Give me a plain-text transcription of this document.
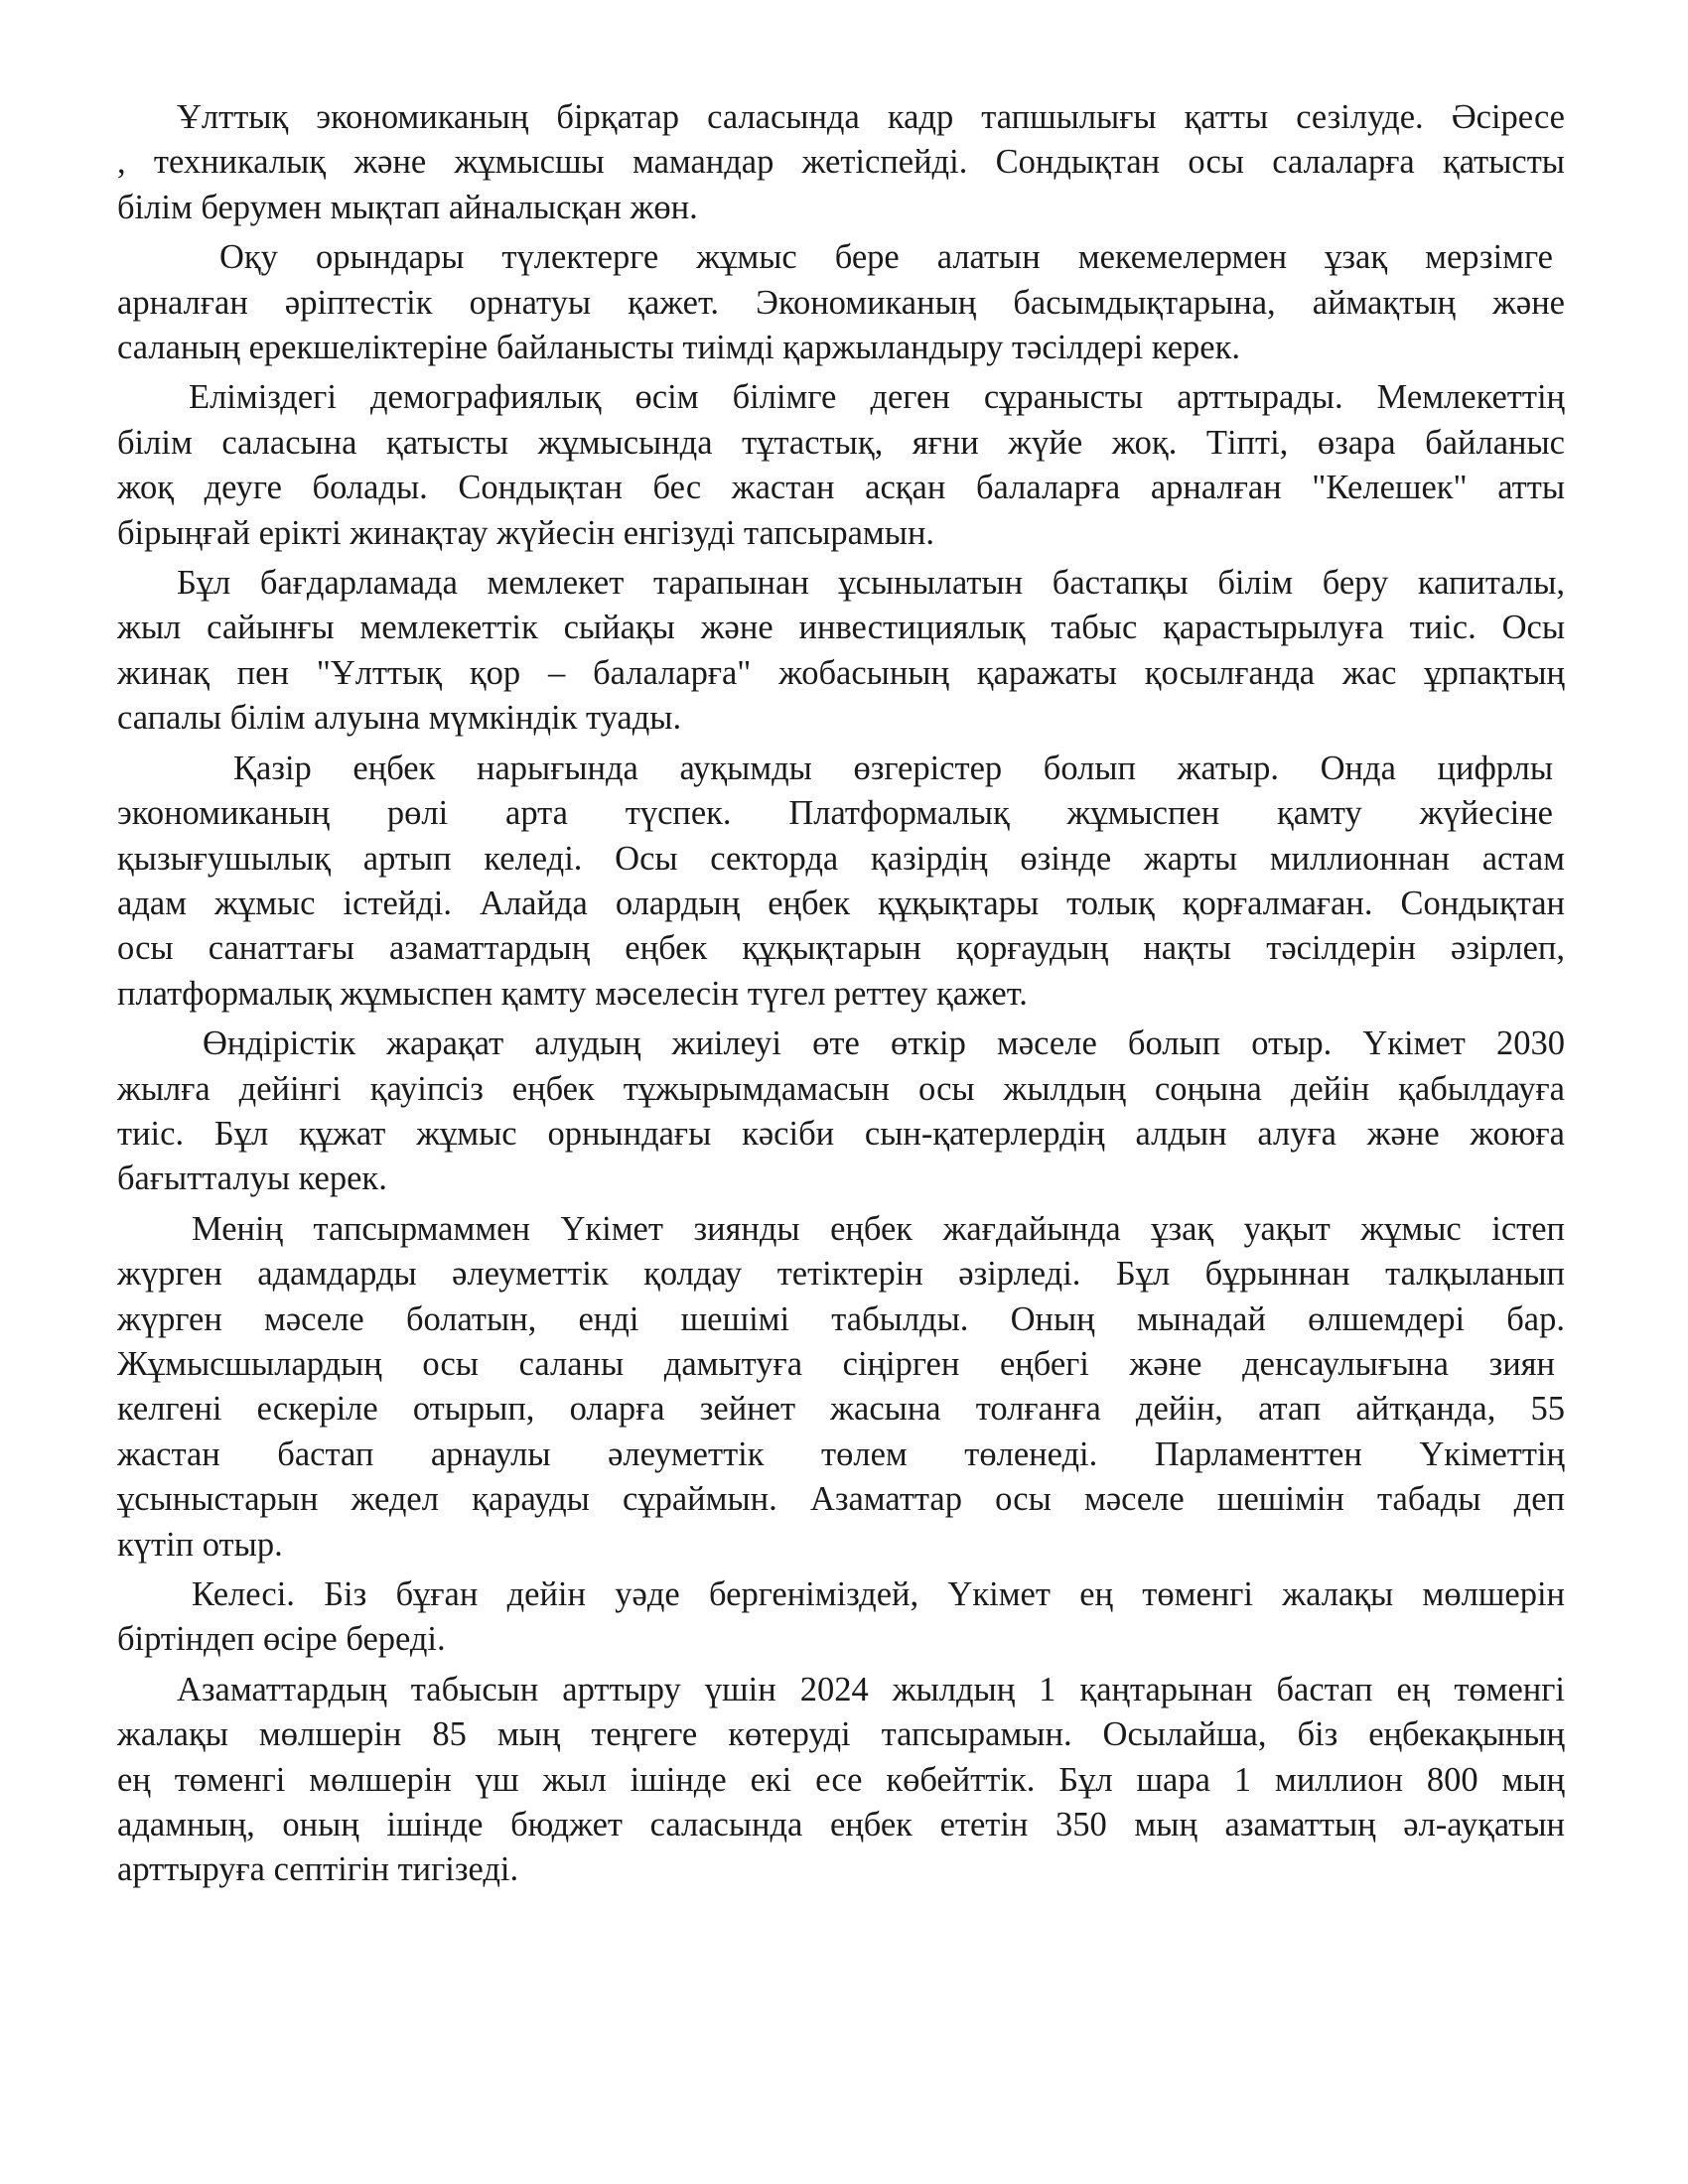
Ұлттық экономиканың бірқатар саласында кадр тапшылығы қатты сезілуде. Әсіресе
, техникалық және жұмысшы мамандар жетіспейді. Сондықтан осы салаларға қатысты
білім берумен мықтап айналысқан жөн.

Оқу орындары түлектерге жұмыс бере алатын мекемелермен ұзақ мерзімге
арналған әріптестік орнатуы қажет. Экономиканың басымдықтарына, аймақтың және
саланың ерекшеліктеріне байланысты тиімді қаржыландыру тәсілдері керек.

Еліміздегі демографиялық өсім білімге деген сұранысты арттырады. Мемлекеттің
білім саласына қатысты жұмысында тұтастық, яғни жүйе жоқ. Тіпті, өзара байланыс
жоқ деуге болады. Сондықтан бес жастан асқан балаларға арналған "Келешек" атты
бірыңғай ерікті жинақтау жүйесін енгізуді тапсырамын.

Бұл бағдарламада мемлекет тарапынан ұсынылатын бастапқы білім беру капиталы,
жыл сайынғы мемлекеттік сыйақы және инвестициялық табыс қарастырылуға тиіс. Осы
жинақ пен "Ұлттық қор – балаларға" жобасының қаражаты қосылғанда жас ұрпақтың
сапалы білім алуына мүмкіндік туады.

Қазір еңбек нарығында ауқымды өзгерістер болып жатыр. Онда цифрлы
экономиканың рөлі арта түспек. Платформалық жұмыспен қамту жүйесіне
қызығушылық артып келеді. Осы секторда қазірдің өзінде жарты миллионнан астам
адам жұмыс істейді. Алайда олардың еңбек құқықтары толық қорғалмаған. Сондықтан
осы санаттағы азаматтардың еңбек құқықтарын қорғаудың нақты тәсілдерін әзірлеп,
платформалық жұмыспен қамту мәселесін түгел реттеу қажет.

Өндірістік жарақат алудың жиілеуі өте өткір мәселе болып отыр. Үкімет 2030
жылға дейінгі қауіпсіз еңбек тұжырымдамасын осы жылдың соңына дейін қабылдауға
тиіс. Бұл құжат жұмыс орнындағы кәсіби сын-қатерлердің алдын алуға және жоюға
бағытталуы керек.

Менің тапсырмаммен Үкімет зиянды еңбек жағдайында ұзақ уақыт жұмыс істеп
жүрген адамдарды әлеуметтік қолдау тетіктерін әзірледі. Бұл бұрыннан талқыланып
жүрген мәселе болатын, енді шешімі табылды. Оның мынадай өлшемдері бар.
Жұмысшылардың осы саланы дамытуға сіңірген еңбегі және денсаулығына зиян
келгені ескеріле отырып, оларға зейнет жасына толғанға дейін, атап айтқанда, 55
жастан бастап арнаулы әлеуметтік төлем төленеді. Парламенттен Үкіметтің
ұсыныстарын жедел қарауды сұраймын. Азаматтар осы мәселе шешімін табады деп
күтіп отыр.

Келесі. Біз бұған дейін уәде бергеніміздей, Үкімет ең төменгі жалақы мөлшерін
біртіндеп өсіре береді.

Азаматтардың табысын арттыру үшін 2024 жылдың 1 қаңтарынан бастап ең төменгі
жалақы мөлшерін 85 мың теңгеге көтеруді тапсырамын. Осылайша, біз еңбекақының
ең төменгі мөлшерін үш жыл ішінде екі есе көбейттік. Бұл шара 1 миллион 800 мың
адамның, оның ішінде бюджет саласында еңбек ететін 350 мың азаматтың әл-ауқатын
арттыруға септігін тигізеді.
